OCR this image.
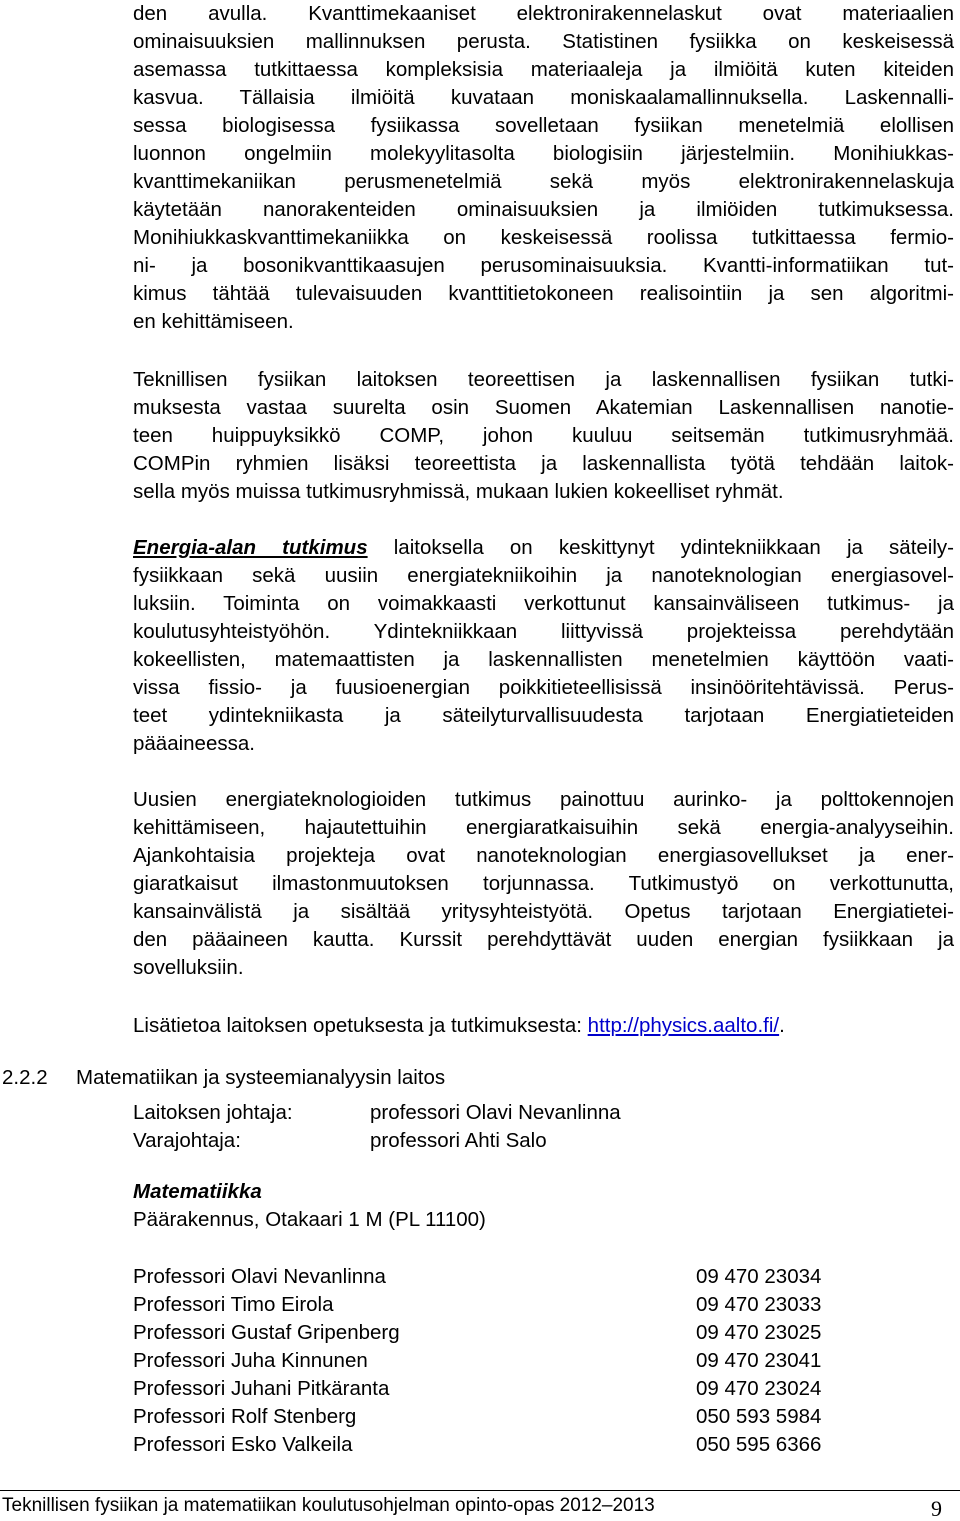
den avulla. Kvanttimekaaniset elektronirakennelaskut ovat materiaalien
ominaisuuksien mallinnuksen perusta. Statistinen fysiikka on keskeisessä
asemassa tutkittaessa kompleksisia materiaaleja ja ilmiöitä kuten kiteiden
kasvua. Tällaisia ilmiöitä kuvataan moniskaalamallinnuksella. Laskennalli-
sessa biologisessa fysiikassa sovelletaan fysiikan menetelmiä elollisen
luonnon ongelmiin molekyylitasolta biologisiin järjestelmiin. Monihiukkas-
kvanttimekaniikan perusmenetelmiä sekä myös elektronirakennelaskuja
käytetään nanorakenteiden ominaisuuksien ja ilmiöiden tutkimuksessa.
Monihiukkaskvanttimekaniikka on keskeisessä roolissa tutkittaessa fermio-
ni- ja bosonikvanttikaasujen perusominaisuuksia. Kvantti-informatiikan tut-
kimus tähtää tulevaisuuden kvanttitietokoneen realisointiin ja sen algoritmi-
en kehittämiseen.
Teknillisen fysiikan laitoksen teoreettisen ja laskennallisen fysiikan tutki-
muksesta vastaa suurelta osin Suomen Akatemian Laskennallisen nanotie-
teen huippuyksikkö COMP, johon kuuluu seitsemän tutkimusryhmää.
COMPin ryhmien lisäksi teoreettista ja laskennallista työtä tehdään laitok-
sella myös muissa tutkimusryhmissä, mukaan lukien kokeelliset ryhmät.
Energia-alan tutkimus laitoksella on keskittynyt ydintekniikkaan ja säteily-
fysiikkaan sekä uusiin energiatekniikoihin ja nanoteknologian energiasovel-
luksiin. Toiminta on voimakkaasti verkottunut kansainväliseen tutkimus- ja
koulutusyhteistyöhön. Ydintekniikkaan liittyvissä projekteissa perehdytään
kokeellisten, matemaattisten ja laskennallisten menetelmien käyttöön vaati-
vissa fissio- ja fuusioenergian poikkitieteellisissä insinööritehtävissä. Perus-
teet ydintekniikasta ja säteilyturvallisuudesta tarjotaan Energiatieteiden
pääaineessa.
Uusien energiateknologioiden tutkimus painottuu aurinko- ja polttokennojen
kehittämiseen, hajautettuihin energiaratkaisuihin sekä energia-analyyseihin.
Ajankohtaisia projekteja ovat nanoteknologian energiasovellukset ja ener-
giaratkaisut ilmastonmuutoksen torjunnassa. Tutkimustyö on verkottunutta,
kansainvälistä ja sisältää yritysyhteistyötä. Opetus tarjotaan Energiatietei-
den pääaineen kautta. Kurssit perehdyttävät uuden energian fysiikkaan ja
sovelluksiin.
Lisätietoa laitoksen opetuksesta ja tutkimuksesta: http://physics.aalto.fi/.
2.2.2 Matematiikan ja systeemianalyysin laitos
Laitoksen johtaja:	professori Olavi Nevanlinna
Varajohtaja:	professori Ahti Salo
Matematiikka
Päärakennus, Otakaari 1 M (PL 11100)
Professori Olavi Nevanlinna	09 470 23034
Professori Timo Eirola	09 470 23033
Professori Gustaf Gripenberg	09 470 23025
Professori Juha Kinnunen	09 470 23041
Professori Juhani Pitkäranta	09 470 23024
Professori Rolf Stenberg	050 593 5984
Professori Esko Valkeila	050 595 6366
Teknillisen fysiikan ja matematiikan koulutusohjelman opinto-opas 2012–2013	9
